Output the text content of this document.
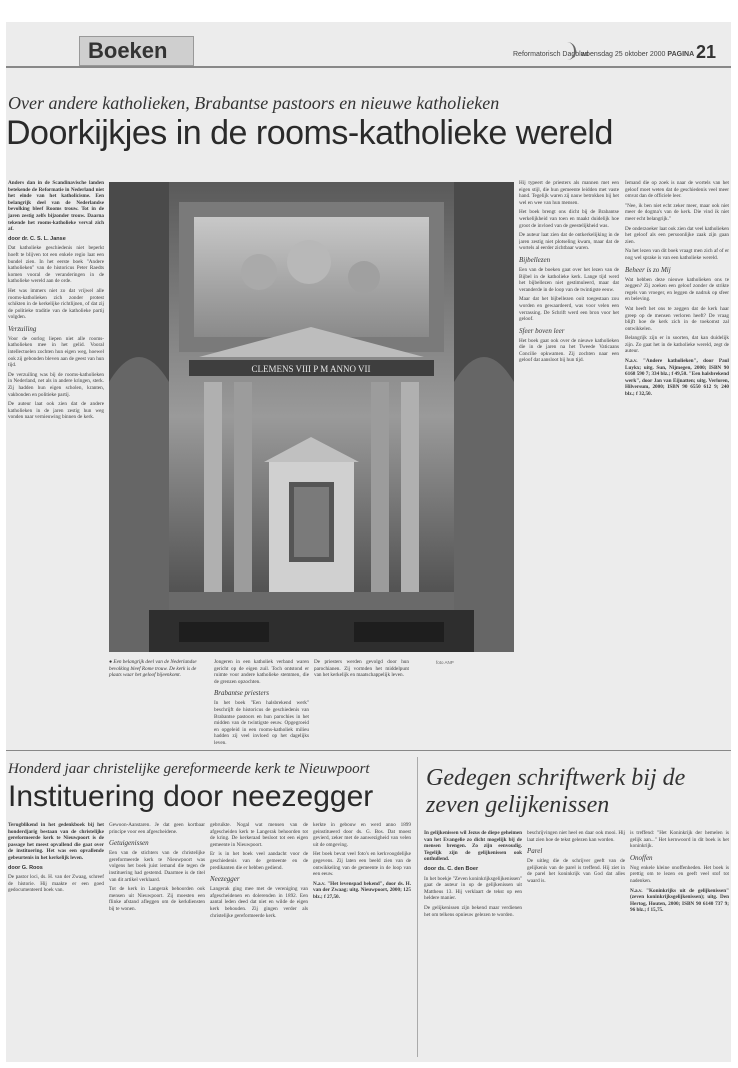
Boeken	Reformatorisch Dagblad
woensdag 25 oktober 2000 PAGINA 21
Over andere katholieken, Brabantse pastoors en nieuwe katholieken
Doorkijkjes in de rooms-katholieke wereld

Anders dan in de Scandinavische landen betekende de Reformatie in Nederland niet het einde van het katholicisme. Een belangrijk deel van de Nederlandse bevolking bleef Rooms trouw. Tot in de jaren zestig zelfs bijzonder trouw. Daarna tekende het rooms-katholieke verval zich af.

door dr. C. S. L. Janse

Dat katholieke geschiedenis niet beperkt hoeft te blijven tot een enkele regio laat een bundel zien. In het eerste boek "Andere katholieken" van de historicus Peter Raedts komen vooral de veranderingen in de katholieke wereld aan de orde.

Het was immers niet zo dat vrijwel alle rooms-katholieken zich zonder protest schikten in de kerkelijke richtlijnen, of dat zij de politieke traditie van de katholieke partij volgden.

Verzuiling

Voor de oorlog liepen niet alle rooms-katholieken mee in het gelid. Vooral intellectuelen zochten hun eigen weg, hoewel ook zij gebonden bleven aan de geest van hun tijd.

De verzuiling was bij de rooms-katholieken in Nederland, net als in andere kringen, sterk. Zij hadden hun eigen scholen, kranten, vakbonden en politieke partij.

De auteur laat ook zien dat de andere katholieken in de jaren zestig hun weg vonden naar vernieuwing binnen de kerk.

CLEMENS VIII P M ANNO VII
foto ANP
● Een belangrijk deel van de Nederlandse bevolking bleef Rome trouw. De kerk is de plaats waar het geloof bijeenkomt.

Jongeren in een katholiek verband waren gericht op de eigen zuil. Toch ontstond er ruimte voor andere katholieke stemmen, die de grenzen opzochten.

Brabantse priesters

In het boek "Een halsbrekend werk" beschrijft de historicus de geschiedenis van Brabantse pastoors en hun parochies in het midden van de twintigste eeuw. Opgegroeid en opgeleid in een rooms-katholiek milieu hadden zij veel invloed op het dagelijks leven.

De priesters werden gevolgd door hun parochianen. Zij vormden het middelpunt van het kerkelijk en maatschappelijk leven.

Hij typeert de priesters als mannen met een eigen stijl, die hun gemeente leidden met vaste hand. Tegelijk waren zij nauw betrokken bij het wel en wee van hun mensen.

Het boek brengt ons dicht bij de Brabantse werkelijkheid van toen en maakt duidelijk hoe groot de invloed van de geestelijkheid was.

De auteur laat zien dat de ontkerkelijking in de jaren zestig niet plotseling kwam, maar dat de wortels al eerder zichtbaar waren.

Bijbellezen

Een van de boeken gaat over het lezen van de Bijbel in de katholieke kerk. Lange tijd werd het bijbellezen niet gestimuleerd, maar dat veranderde in de loop van de twintigste eeuw.

Maar dat het bijbellezen ooit toegestaan zou worden en gewaardeerd, was voor velen een verrassing. De Schrift werd een bron voor het geloof.

Sfeer boven leer

Het boek gaat ook over de nieuwe katholieken die in de jaren na het Tweede Vaticaans Concilie opkwamen. Zij zochten naar een geloof dat aansloot bij hun tijd.

Iemand die op zoek is naar de wortels van het geloof moet weten dat de geschiedenis veel meer omvat dan de officiele leer.

"Nee, ik ben niet echt zeker meer, maar ook niet meer de dogma's van de kerk. Die vind ik niet meer echt belangrijk."

De onderzoeker laat ook zien dat veel katholieken het geloof als een persoonlijke zaak zijn gaan zien.

Na het lezen van dit boek vraagt men zich af of er nog wel sprake is van een katholieke wereld.

Beheer is zo Mij

Wat hebben deze nieuwe katholieken ons te zeggen? Zij zoeken een geloof zonder de strikte regels van vroeger, en leggen de nadruk op sfeer en beleving.

Wat heeft het ons te zeggen dat de kerk haar greep op de mensen verloren heeft? De vraag blijft hoe de kerk zich in de toekomst zal ontwikkelen.

Belangrijk zijn er in soorten, dat kan duidelijk zijn. Zo gaat het in de katholieke wereld, zegt de auteur.

N.a.v. "Andere katholieken", door Paul Luykx; uitg. Sun, Nijmegen, 2000; ISBN 90 6168 590 7; 334 blz.; f 49,50. "Een halsbrekend werk", door Jan van Eijnatten; uitg. Verloren, Hilversum, 2000; ISBN 90 6550 612 9; 240 blz.; f 32,50.

Honderd jaar christelijke gereformeerde kerk te Nieuwpoort
Instituering door neezegger

Terugblikend in het gedenkboek bij het honderdjarig bestaan van de christelijke gereformeerde kerk te Nieuwpoort is de passage het meest opvallend die gaat over de instituering. Het was een opvallende gebeurtenis in het kerkelijk leven.

door G. Roos

De pastor loci, ds. H. van der Zwaag, schreef de historie. Hij maakte er een goed gedocumenteerd boek van.

Gewoon-Aanstaren. Je dat geen kortbaar principe voor een afgescheidene.

Getuigenissen

Een van de stichters van de christelijke gereformeerde kerk te Nieuwpoort was volgens het boek juist iemand die tegen de instituering had gestemd. Daarmee is de titel van dit artikel verklaard.

Tot de kerk in Langerak behoorden ook mensen uit Nieuwpoort. Zij moesten een flinke afstand afleggen om de kerkdiensten bij te wonen.

gebruikte. Nogal wat mensen van de afgescheiden kerk te Langerak behoorden tot de kring. De kerkeraad besloot tot een eigen gemeente in Nieuwpoort.

Er is in het boek veel aandacht voor de geschiedenis van de gemeente en de predikanten die er hebben gediend.

Neezegger

Langerak ging mee met de vereniging van afgescheidenen en dolerenden in 1892. Een aantal leden deed dat niet en wilde de eigen kerk behouden. Zij gingen verder als christelijke gereformeerde kerk.

kerkte in gebouw en werd anno 1899 geinstitueerd door ds. G. Bos. Dat moest gevierd, zeker met de aanwezigheid van velen uit de omgeving.

Het boek bevat veel foto's en kerkvoogdelijke gegevens. Zij laten een beeld zien van de ontwikkeling van de gemeente in de loop van een eeuw.

N.a.v. "Het levenspad bekend", door ds. H. van der Zwaag; uitg. Nieuwpoort, 2000; 125 blz.; f 27,50.

Gedegen schriftwerk bij de zeven gelijkenissen

In gelijkenissen wil Jezus de diepe geheimen van het Evangelie zo dicht mogelijk bij de mensen brengen. Zo zijn eenvoudig. Tegelijk zijn de gelijkenissen ook onthullend.

door ds. C. den Boer

In het boekje "Zeven koninkrijksgelijkenissen" gaat de auteur in op de gelijkenissen uit Mattheus 13. Hij verklaart de tekst op een heldere manier.

De gelijkenissen zijn bekend maar verdienen het om telkens opnieuw gelezen te worden.

beschrijvingen niet heel en daar ook mooi. Hij laat zien hoe de tekst gelezen kan worden.

Parel

De uitleg die de schrijver geeft van de gelijkenis van de parel is treffend. Hij ziet in de parel het koninkrijk van God dat alles waard is.

is treffend: "Het Koninkrijk der hemelen is gelijk aan..." Het kernwoord in dit boek is het koninkrijk.

Onoffen

Nog enkele kleine onoffenheden. Het boek is prettig om te lezen en geeft veel stof tot nadenken.

N.a.v. "Koninkrijks uit de gelijkenissen" (zeven koninkrijksgelijkenissen); uitg. Den Hertog, Houten, 2000; ISBN 90 6140 737 9; 96 blz.; f 15,75.
